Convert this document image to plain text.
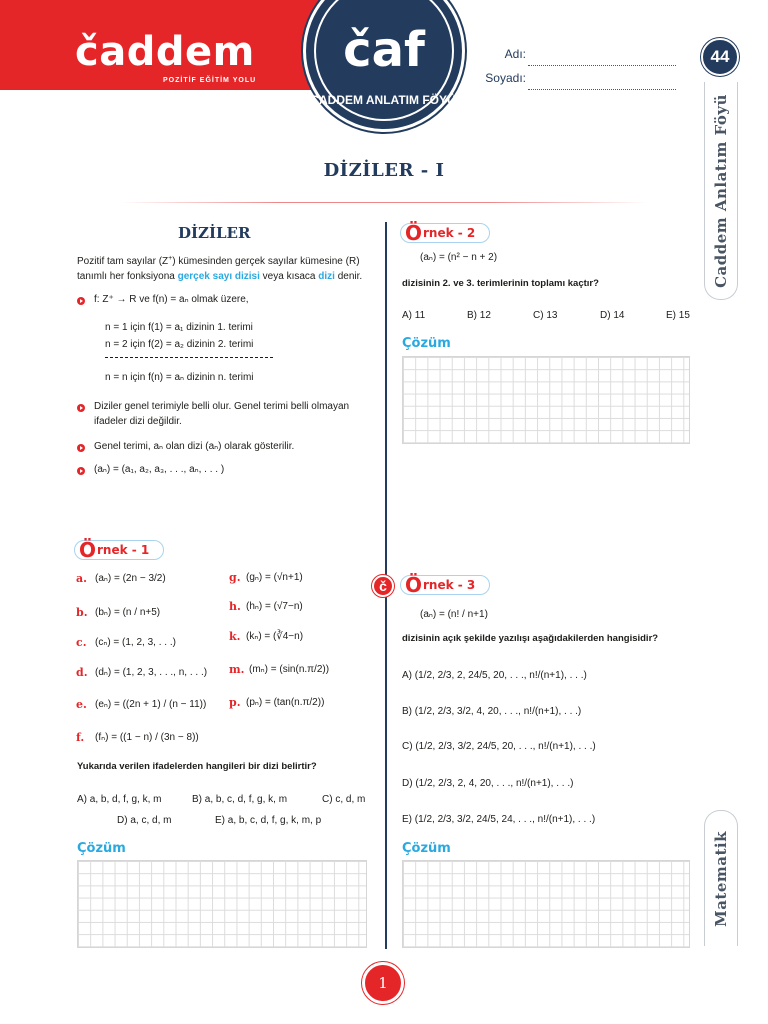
čaddem
POZİTİF EĞİTİM YOLU
čaf
CADDEM ANLATIM FÖYÜ
Adı:
Soyadı:
44
Caddem Anlatım Föyü
Matematik
DİZİLER - I
DİZİLER
Pozitif tam sayılar (Z+) kümesinden gerçek sayılar kümesine (R)
tanımlı her fonksiyona gerçek sayı dizisi veya kısaca dizi denir.
f: Z⁺ → R ve f(n) = aₙ olmak üzere,
n = 1 için f(1) = a₁ dizinin 1. terimi
n = 2 için f(2) = a₂ dizinin 2. terimi
n = n için f(n) = aₙ dizinin n. terimi
Diziler genel terimiyle belli olur. Genel terimi belli olmayan
ifadeler dizi değildir.
Genel terimi, aₙ olan dizi (aₙ) olarak gösterilir.
(aₙ) = (a₁, a₂, a₃, . . ., aₙ, . . . )
Ö rnek - 1
a. (aₙ) = (2n − 3/2)
b. (bₙ) = (n / n+5)
c. (cₙ) = (1, 2, 3, . . .)
d. (dₙ) = (1, 2, 3, . . ., n, . . .)
e. (eₙ) = ((2n + 1) / (n − 11))
f. (fₙ) = ((1 − n) / (3n − 8))
g. (gₙ) = (√n+1)
h. (hₙ) = (√7−n)
k. (kₙ) = (∛4−n)
m. (mₙ) = (sin(n.π/2))
p. (pₙ) = (tan(n.π/2))
Yukarıda verilen ifadelerden hangileri bir dizi belirtir?
A) a, b, d, f, g, k, m	B) a, b, c, d, f, g, k, m	C) c, d, m
D) a, c, d, m	E) a, b, c, d, f, g, k, m, p
Çözüm
Ö rnek - 2
(aₙ) = (n² − n + 2)
dizisinin 2. ve 3. terimlerinin toplamı kaçtır?
A) 11	B) 12	C) 13	D) 14	E) 15
Çözüm
č Ö rnek - 3
(aₙ) = (n! / n+1)
dizisinin açık şekilde yazılışı aşağıdakilerden hangisidir?
A) (1/2, 2/3, 2, 24/5, 20, . . ., n!/(n+1), . . .)
B) (1/2, 2/3, 3/2, 4, 20, . . ., n!/(n+1), . . .)
C) (1/2, 2/3, 3/2, 24/5, 20, . . ., n!/(n+1), . . .)
D) (1/2, 2/3, 2, 4, 20, . . ., n!/(n+1), . . .)
E) (1/2, 2/3, 3/2, 24/5, 24, . . ., n!/(n+1), . . .)
Çözüm
1
